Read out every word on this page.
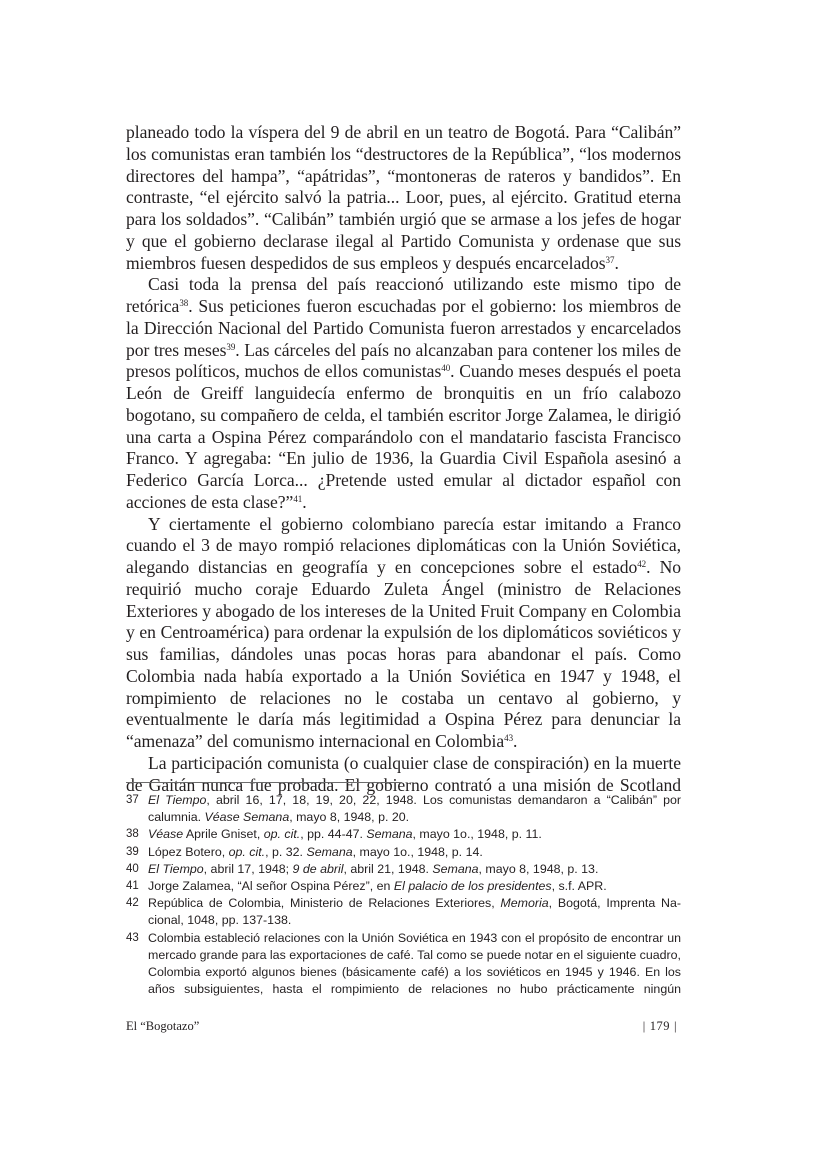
planeado todo la víspera del 9 de abril en un teatro de Bogotá. Para “Calibán” los comunistas eran también los “destructores de la República”, “los modernos directores del hampa”, “apátridas”, “montoneras de rateros y bandidos”. En contraste, “el ejército salvó la patria... Loor, pues, al ejército. Gratitud eterna para los soldados”. “Calibán” también urgió que se armase a los jefes de hogar y que el gobierno declarase ilegal al Partido Comunista y ordenase que sus miembros fuesen despedidos de sus empleos y después encarcelados$^{37}$.

Casi toda la prensa del país reaccionó utilizando este mismo tipo de retórica$^{38}$. Sus peticiones fueron escuchadas por el gobierno: los miembros de la Dirección Nacional del Partido Comunista fueron arrestados y encarcelados por tres meses$^{39}$. Las cárceles del país no alcanzaban para contener los miles de presos políticos, muchos de ellos comunistas$^{40}$. Cuando meses después el poeta León de Greiff languidecía enfermo de bronquitis en un frío calabozo bogotano, su compañero de celda, el también escritor Jorge Zalamea, le dirigió una carta a Ospina Pérez comparándolo con el mandatario fascista Francisco Franco. Y agregaba: “En julio de 1936, la Guardia Civil Española asesinó a Federico García Lorca... ¿Pretende usted emular al dictador español con acciones de esta clase?”$^{41}$.

Y ciertamente el gobierno colombiano parecía estar imitando a Franco cuando el 3 de mayo rompió relaciones diplomáticas con la Unión Soviética, alegando distancias en geografía y en concepciones sobre el estado$^{42}$. No requirió mucho coraje Eduardo Zuleta Ángel (ministro de Relaciones Exteriores y abogado de los intereses de la United Fruit Company en Colombia y en Centroamérica) para ordenar la expulsión de los diplomáticos soviéticos y sus familias, dándoles unas pocas horas para abandonar el país. Como Colombia nada había exportado a la Unión Soviética en 1947 y 1948, el rompimiento de relaciones no le costaba un centavo al gobierno, y eventualmente le daría más legitimidad a Ospina Pérez para denunciar la “amenaza” del comunismo internacional en Colombia$^{43}$.

La participación comunista (o cualquier clase de conspiración) en la muerte de Gaitán nunca fue probada. El gobierno contrató a una misión de Scotland

37 El Tiempo, abril 16, 17, 18, 19, 20, 22, 1948. Los comunistas demandaron a “Calibán” por calumnia. Véase Semana, mayo 8, 1948, p. 20.
38 Véase Aprile Gniset, op. cit., pp. 44-47. Semana, mayo 1o., 1948, p. 11.
39 López Botero, op. cit., p. 32. Semana, mayo 1o., 1948, p. 14.
40 El Tiempo, abril 17, 1948; 9 de abril, abril 21, 1948. Semana, mayo 8, 1948, p. 13.
41 Jorge Zalamea, “Al señor Ospina Pérez”, en El palacio de los presidentes, s.f. APR.
42 República de Colombia, Ministerio de Relaciones Exteriores, Memoria, Bogotá, Imprenta Nacional, 1048, pp. 137-138.
43 Colombia estableció relaciones con la Unión Soviética en 1943 con el propósito de encontrar un mercado grande para las exportaciones de café. Tal como se puede notar en el siguiente cuadro, Colombia exportó algunos bienes (básicamente café) a los soviéticos en 1945 y 1946. En los años subsiguientes, hasta el rompimiento de relaciones no hubo prácticamente ningún
El “Bogotazo”	| 179 |
